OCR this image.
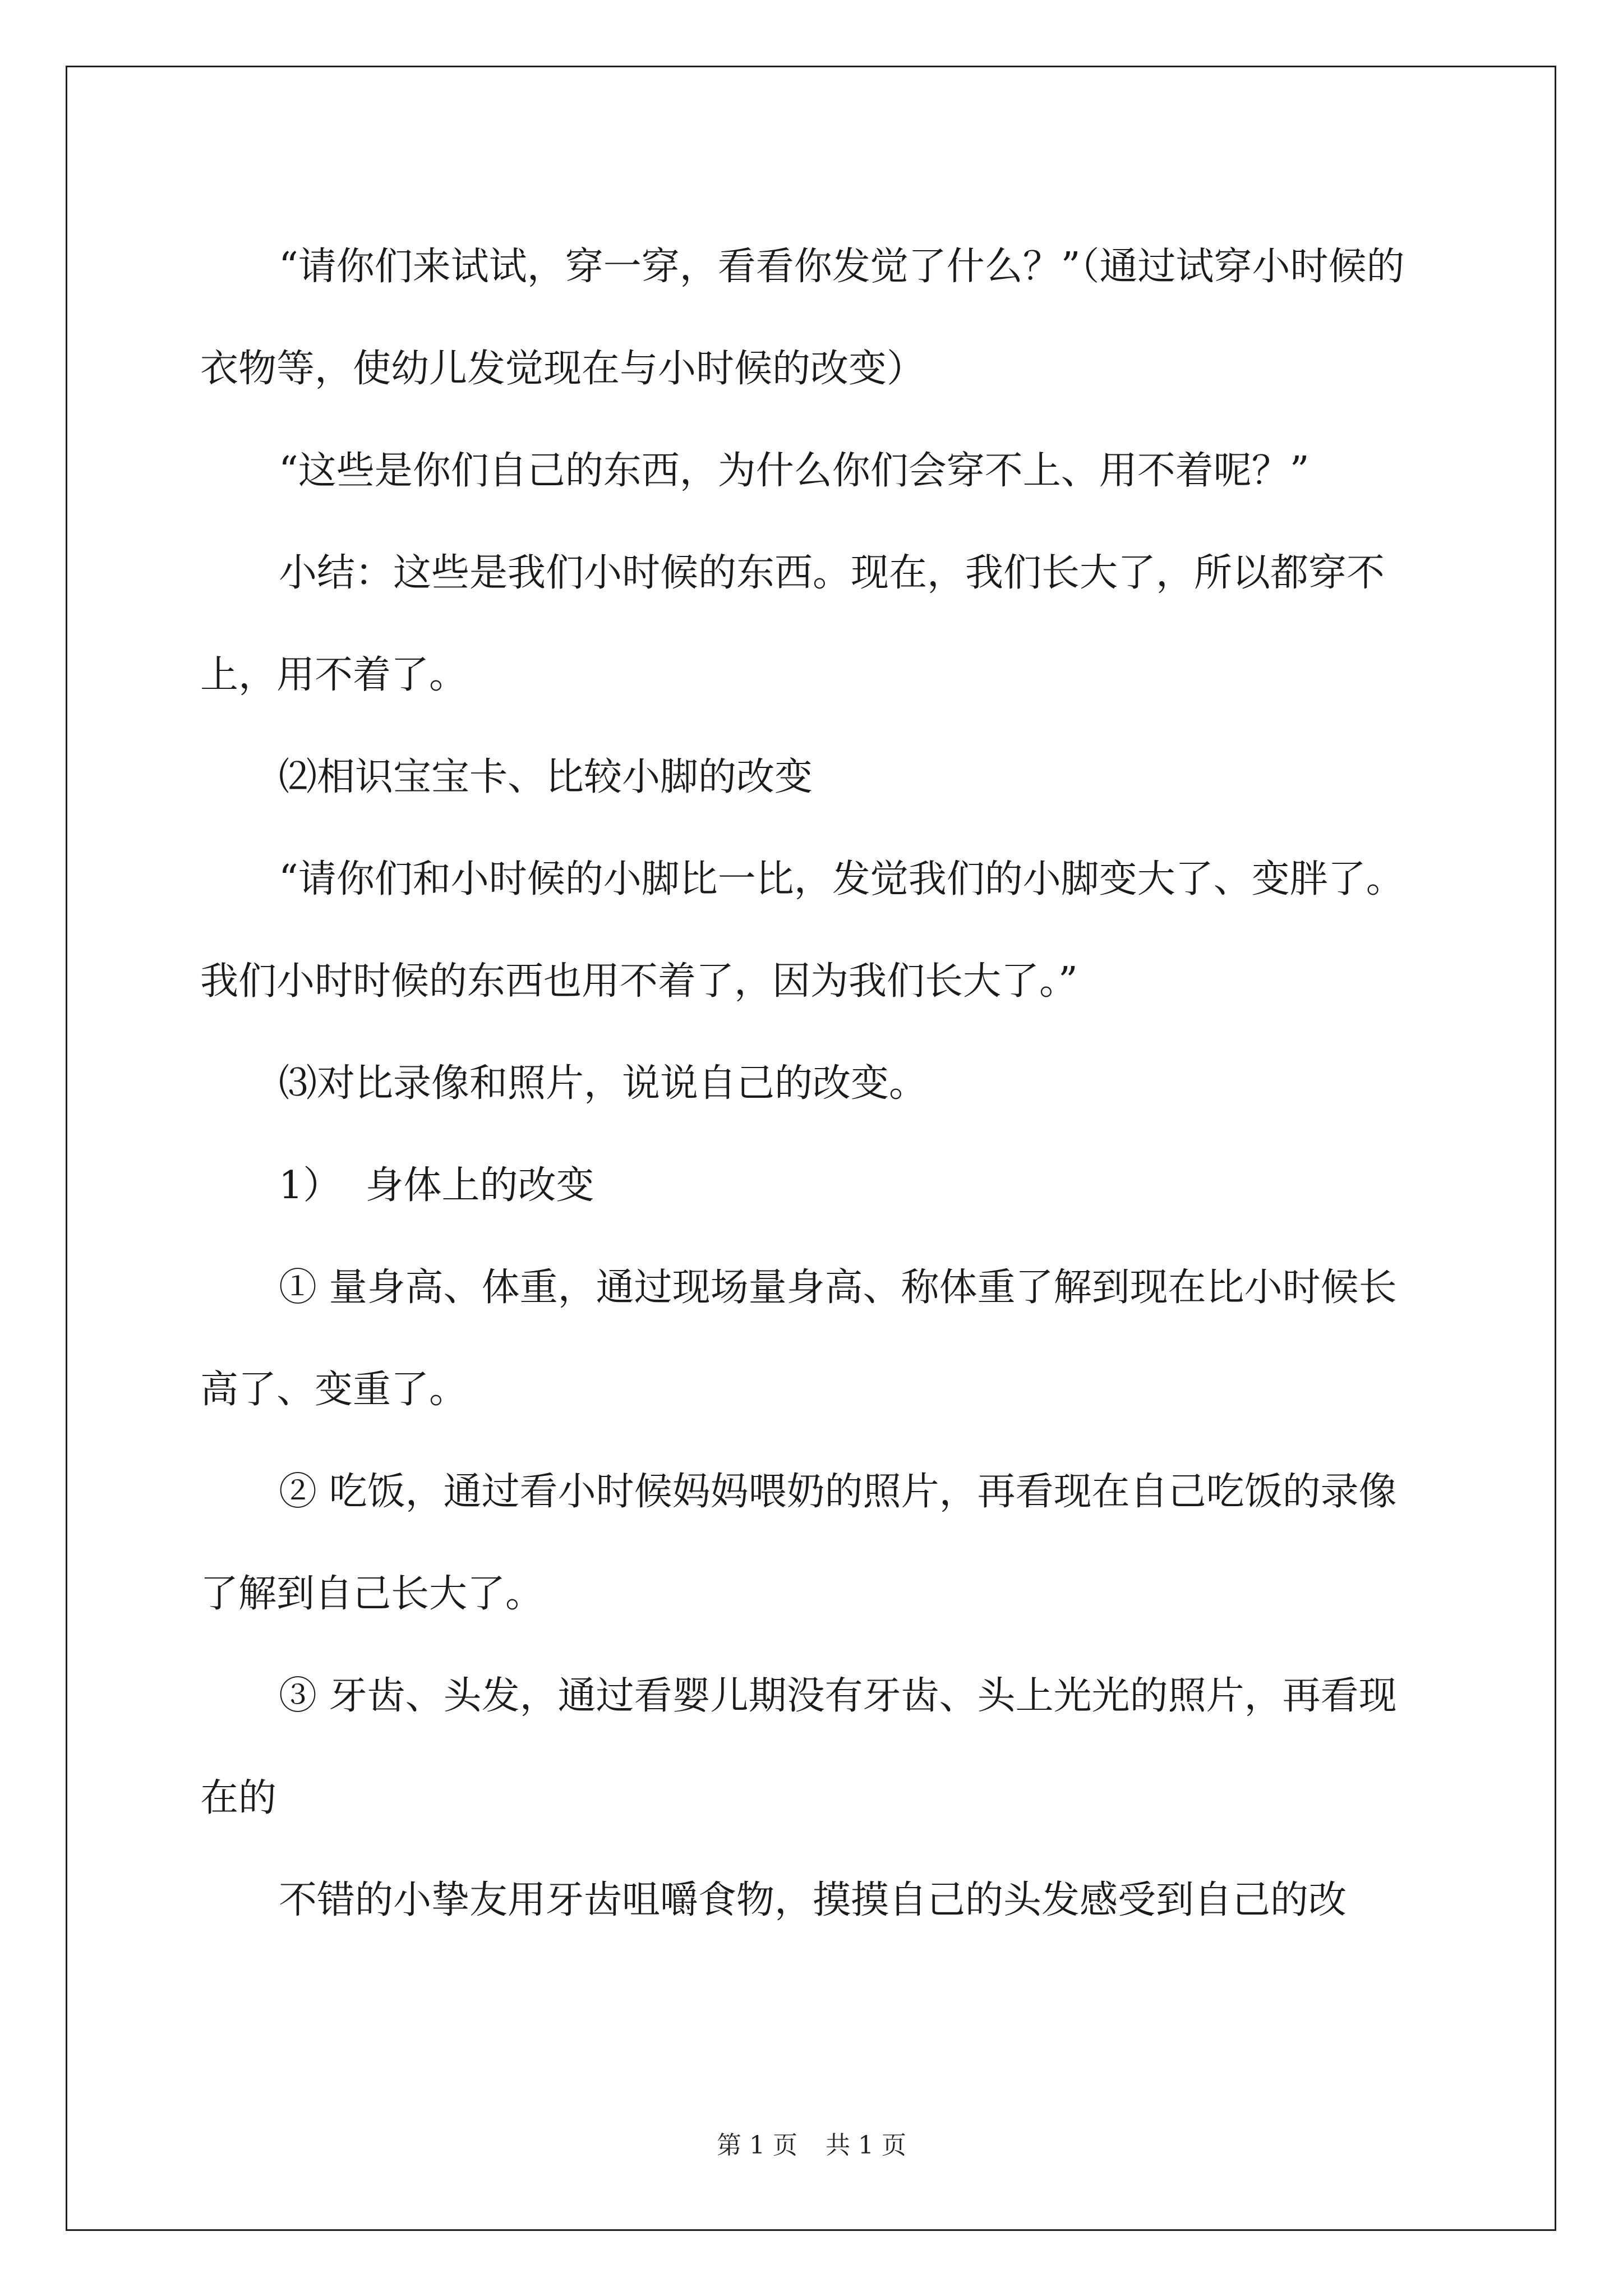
“请你们来试试，穿一穿，看看你发觉了什么？”（通过试穿小时候的衣物等，使幼儿发觉现在与小时候的改变）

“这些是你们自己的东西，为什么你们会穿不上、用不着呢？”

小结：这些是我们小时候的东西。现在，我们长大了，所以都穿不上，用不着了。

⑵相识宝宝卡、比较小脚的改变

“请你们和小时候的小脚比一比，发觉我们的小脚变大了、变胖了。我们小时时候的东西也用不着了，因为我们长大了。”

⑶对比录像和照片，说说自己的改变。

1）  身体上的改变

① 量身高、体重，通过现场量身高、称体重了解到现在比小时候长高了、变重了。

② 吃饭，通过看小时候妈妈喂奶的照片，再看现在自己吃饭的录像了解到自己长大了。

③ 牙齿、头发，通过看婴儿期没有牙齿、头上光光的照片，再看现在的

不错的小挚友用牙齿咀嚼食物，摸摸自己的头发感受到自己的改

第 1 页 共 1 页
